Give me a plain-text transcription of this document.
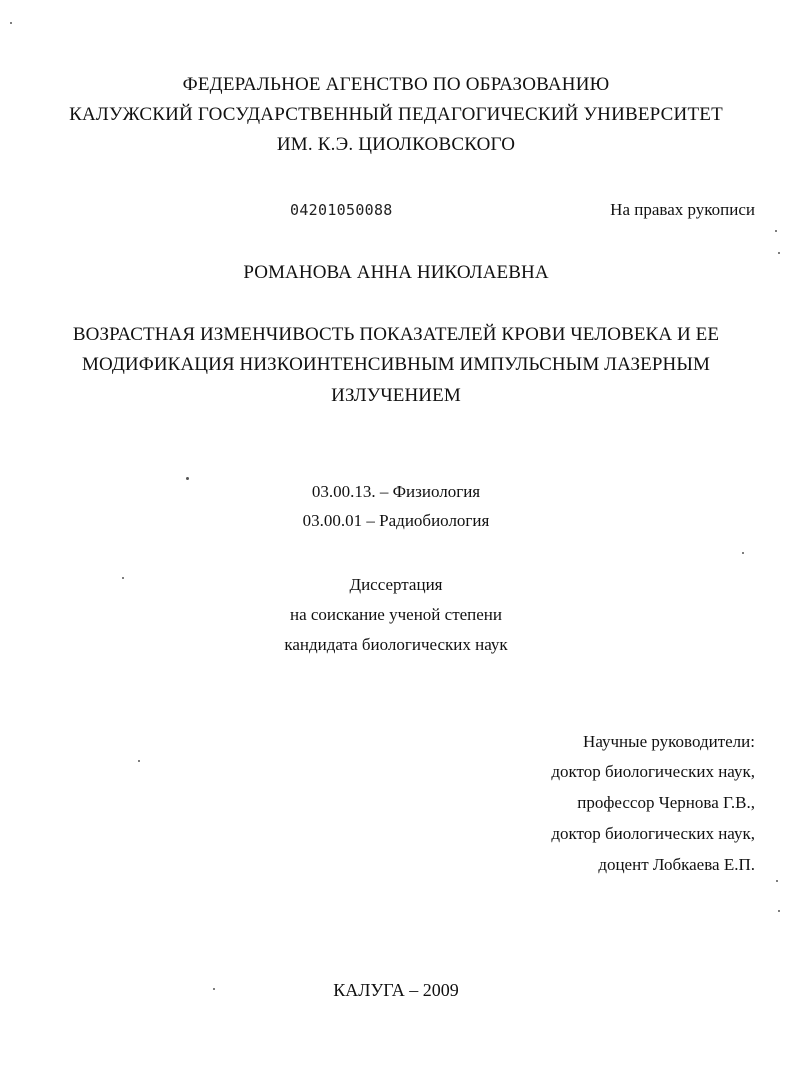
ФЕДЕРАЛЬНОЕ АГЕНСТВО ПО ОБРАЗОВАНИЮ
КАЛУЖСКИЙ ГОСУДАРСТВЕННЫЙ ПЕДАГОГИЧЕСКИЙ УНИВЕРСИТЕТ
ИМ. К.Э. ЦИОЛКОВСКОГО
04201050088	На правах рукописи
РОМАНОВА АННА НИКОЛАЕВНА
ВОЗРАСТНАЯ ИЗМЕНЧИВОСТЬ ПОКАЗАТЕЛЕЙ КРОВИ ЧЕЛОВЕКА И ЕЕ
МОДИФИКАЦИЯ НИЗКОИНТЕНСИВНЫМ ИМПУЛЬСНЫМ ЛАЗЕРНЫМ
ИЗЛУЧЕНИЕМ
03.00.13. – Физиология
03.00.01 – Радиобиология
Диссертация
на соискание ученой степени
кандидата биологических наук
Научные руководители:
доктор биологических наук,
профессор Чернова Г.В.,
доктор биологических наук,
доцент Лобкаева Е.П.
КАЛУГА – 2009
